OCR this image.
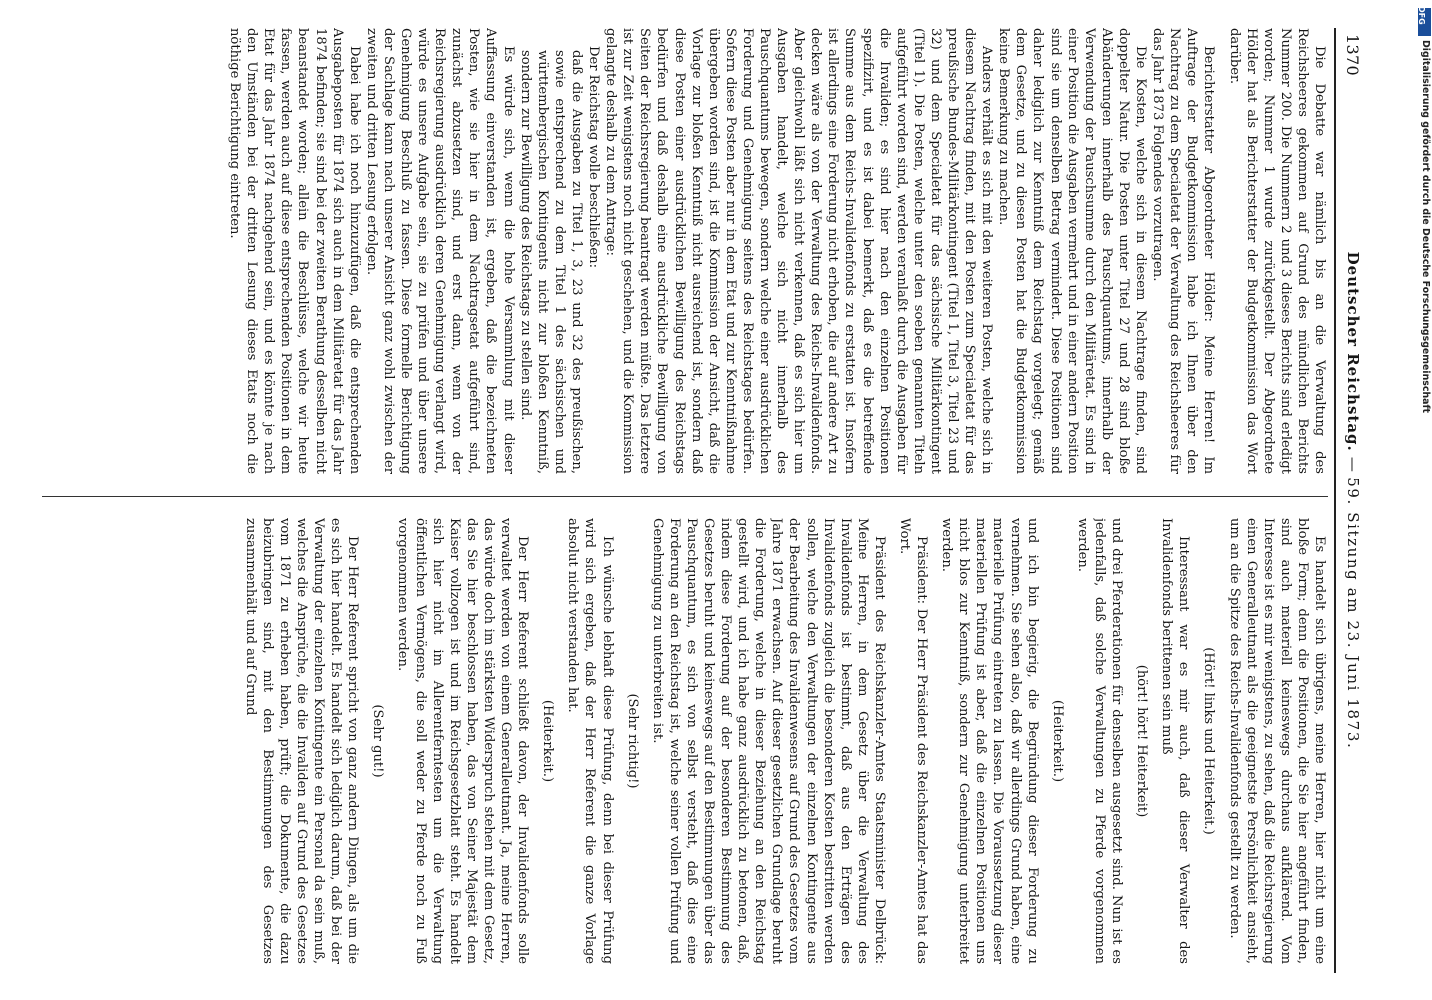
1370
Deutscher Reichstag. — 59. Sitzung am 23. Juni 1873.

Die Debatte war nämlich bis an die Verwaltung des Reichsheeres gekommen auf Grund des mündlichen Berichts Nummer 200. Die Nummern 2 und 3 dieses Berichts sind erledigt worden; Nummer 1 wurde zurückgestellt. Der Abgeordnete Hölder hat als Berichterstatter der Budgetkommission das Wort darüber.

Berichterstatter Abgeordneter Hölder: Meine Herren! Im Auftrage der Budgetkommission habe ich Ihnen über den Nachtrag zu dem Specialetat der Verwaltung des Reichsheeres für das Jahr 1873 Folgendes vorzutragen.

Die Kosten, welche sich in diesem Nachtrage finden, sind doppelter Natur. Die Posten unter Titel 27 und 28 sind bloße Abänderungen innerhalb des Pauschquantums, innerhalb der Verwendung der Pauschsumme durch den Militäretat. Es sind in einer Position die Ausgaben vermehrt und in einer andern Position sind sie um denselben Betrag vermindert. Diese Positionen sind daher lediglich zur Kenntniß dem Reichstag vorgelegt; gemäß dem Gesetze, und zu diesen Posten hat die Budgetkommission keine Bemerkung zu machen.

Anders verhält es sich mit den weiteren Posten, welche sich in diesem Nachtrag finden, mit den Posten zum Specialetat für das preußische Bundes-Militärkontingent (Titel 1, Titel 3, Titel 23 und 32) und dem Specialetat für das sächsische Militärkontingent (Titel 1). Die Posten, welche unter den soeben genannten Titeln aufgeführt worden sind, werden veranlaßt durch die Ausgaben für die Invaliden; es sind hier nach den einzelnen Positionen spezifizirt, und es ist dabei bemerkt, daß es die betreffende Summe aus dem Reichs-Invalidenfonds zu erstatten ist. Insofern ist allerdings eine Forderung nicht erhoben, die auf andere Art zu decken wäre als von der Verwaltung des Reichs-Invalidenfonds. Aber gleichwohl läßt sich nicht verkennen, daß es sich hier um Ausgaben handelt, welche sich nicht innerhalb des Pauschquantums bewegen, sondern welche einer ausdrücklichen Forderung und Genehmigung seitens des Reichstages bedürfen. Sofern diese Posten aber nur in dem Etat und zur Kenntnißnahme übergeben worden sind, ist die Kommission der Ansicht, daß die Vorlage zur bloßen Kenntniß nicht ausreichend ist, sondern daß diese Posten einer ausdrücklichen Bewilligung des Reichstags bedürfen und daß deshalb eine ausdrückliche Bewilligung von Seiten der Reichsregierung beantragt werden müßte. Das letztere ist zur Zeit wenigstens noch nicht geschehen, und die Kommission gelangte deshalb zu dem Antrage:

Der Reichstag wolle beschließen:

daß die Ausgaben zu Titel 1, 3, 23 und 32 des preußischen, sowie entsprechend zu dem Titel 1 des sächsischen und württembergischen Kontingents nicht zur bloßen Kenntniß, sondern zur Bewilligung des Reichstags zu stellen sind.

Es würde sich, wenn die hohe Versammlung mit dieser Auffassung einverstanden ist, ergeben, daß die bezeichneten Posten, wie sie hier in dem Nachtragsetat aufgeführt sind, zunächst abzusetzen sind, und erst dann, wenn von der Reichsregierung ausdrücklich deren Genehmigung verlangt wird, würde es unsere Aufgabe sein, sie zu prüfen und über unsere Genehmigung Beschluß zu fassen. Diese formelle Berichtigung der Sachlage kann nach unserer Ansicht ganz wohl zwischen der zweiten und dritten Lesung erfolgen.

Dabei habe ich noch hinzuzufügen, daß die entsprechenden Ausgabeposten für 1874 sich auch in dem Militäretat für das Jahr 1874 befinden; sie sind bei der zweiten Berathung desselben nicht beanstandet worden; allein die Beschlüsse, welche wir heute fassen, werden auch auf diese entsprechenden Positionen in dem Etat für das Jahr 1874 nachgehend sein, und es könnte je nach den Umständen bei der dritten Lesung dieses Etats noch die nöthige Berichtigung eintreten.

Es handelt sich übrigens, meine Herren, hier nicht um eine bloße Form; denn die Positionen, die Sie hier angeführt finden, sind auch materiell keineswegs durchaus aufklärend. Vom Interesse ist es mir wenigstens, zu sehen, daß die Reichsregierung einen Generalleutnant als die geeignetste Persönlichkeit ansieht, um an die Spitze des Reichs-Invalidenfonds gestellt zu werden.

(Hört! links und Heiterkeit.)

Interessant war es mir auch, daß dieser Verwalter des Invalidenfonds berittenen sein muß

(hört! hört! Heiterkeit)

und drei Pferderationen für denselben ausgesetzt sind. Nun ist es jedenfalls, daß solche Verwaltungen zu Pferde vorgenommen werden.

(Heiterkeit.)

und ich bin begierig, die Begründung dieser Forderung zu vernehmen. Sie sehen also, daß wir allerdings Grund haben, eine materielle Prüfung eintreten zu lassen. Die Voraussetzung dieser materiellen Prüfung ist aber, daß die einzelnen Positionen uns nicht blos zur Kenntniß, sondern zur Genehmigung unterbreitet werden.

Präsident: Der Herr Präsident des Reichskanzler-Amtes hat das Wort.

Präsident des Reichskanzler-Amtes Staatsminister Delbrück: Meine Herren, in dem Gesetz über die Verwaltung des Invalidenfonds ist bestimmt, daß aus den Erträgen des Invalidenfonds zugleich die besonderen Kosten bestritten werden sollen, welche den Verwaltungen der einzelnen Kontingente aus der Bearbeitung des Invalidenwesens auf Grund des Gesetzes vom Jahre 1871 erwachsen. Auf dieser gesetzlichen Grundlage beruht die Forderung, welche in dieser Beziehung an den Reichstag gestellt wird, und ich habe ganz ausdrücklich zu betonen, daß, indem diese Forderung auf der besonderen Bestimmung des Gesetzes beruht und keineswegs auf den Bestimmungen über das Pauschquantum, es sich von selbst versteht, daß dies eine Forderung an den Reichstag ist, welche seiner vollen Prüfung und Genehmigung zu unterbreiten ist.

(Sehr richtig!)

Ich wünsche lebhaft diese Prüfung, denn bei dieser Prüfung wird sich ergeben, daß der Herr Referent die ganze Vorlage absolut nicht verstanden hat.

(Heiterkeit.)

Der Herr Referent schließt davon, der Invalidenfonds solle verwaltet werden von einem Generalleutnant. Ja, meine Herren, das würde doch im stärksten Widerspruch stehen mit dem Gesetz, das Sie hier beschlossen haben, das von Seiner Majestät dem Kaiser vollzogen ist und im Reichsgesetzblatt steht. Es handelt sich hier nicht im Allerentferntesten um die Verwaltung öffentlichen Vermögens, die soll weder zu Pferde noch zu Fuß vorgenommen werden.

(Sehr gut!)

Der Herr Referent spricht von ganz andern Dingen, als um die es sich hier handelt. Es handelt sich lediglich darum, daß bei der Verwaltung der einzelnen Kontingente ein Personal da sein muß, welches die Ansprüche, die die Invaliden auf Grund des Gesetzes vom 1871 zu erheben haben, prüft; die Dokumente, die dazu beizubringen sind, mit den Bestimmungen des Gesetzes zusammenhält und auf Grund

DFG
Digitalisierung gefördert durch die Deutsche Forschungsgemeinschaft
